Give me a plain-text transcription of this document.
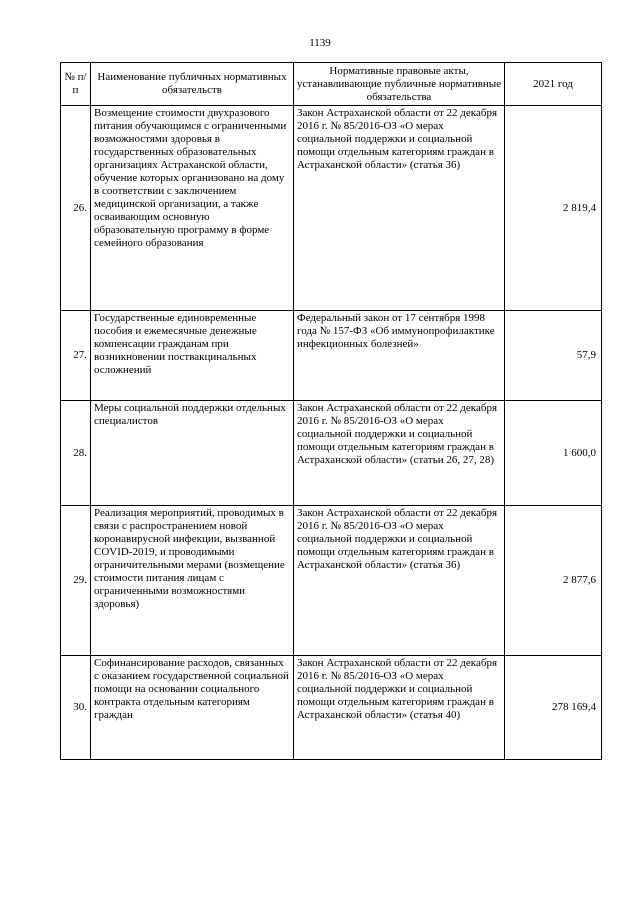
1139
№ п/п	Наименование публичных нормативных обязательств	Нормативные правовые акты, устанавливающие публичные нормативные обязательства	2021 год
26.	Возмещение стоимости двухразового питания обучающимся с ограниченными возможностями здоровья в государственных образовательных организациях Астраханской области, обучение которых организовано на дому в соответствии с заключением медицинской организации, а также осваивающим основную образовательную программу в форме семейного образования	Закон Астраханской области от 22 декабря 2016 г. № 85/2016-ОЗ «О мерах социальной поддержки и социальной помощи отдельным категориям граждан в Астраханской области» (статья 36)	2 819,4
27.	Государственные единовременные пособия и ежемесячные денежные компенсации гражданам при возникновении поствакцинальных осложнений	Федеральный закон от 17 сентября 1998 года № 157-ФЗ «Об иммунопрофилактике инфекционных болезней»	57,9
28.	Меры социальной поддержки отдельных специалистов	Закон Астраханской области от 22 декабря 2016 г. № 85/2016-ОЗ «О мерах социальной поддержки и социальной помощи отдельным категориям граждан в Астраханской области» (статьи 26, 27, 28)	1 600,0
29.	Реализация мероприятий, проводимых в связи с распространением новой коронавирусной инфекции, вызванной COVID-2019, и проводимыми ограничительными мерами (возмещение стоимости питания лицам с ограниченными возможностями здоровья)	Закон Астраханской области от 22 декабря 2016 г. № 85/2016-ОЗ «О мерах социальной поддержки и социальной помощи отдельным категориям граждан в Астраханской области» (статья 36)	2 877,6
30.	Софинансирование расходов, связанных с оказанием государственной социальной помощи на основании социального контракта отдельным категориям граждан	Закон Астраханской области от 22 декабря 2016 г. № 85/2016-ОЗ «О мерах социальной поддержки и социальной помощи отдельным категориям граждан в Астраханской области» (статья 40)	278 169,4
